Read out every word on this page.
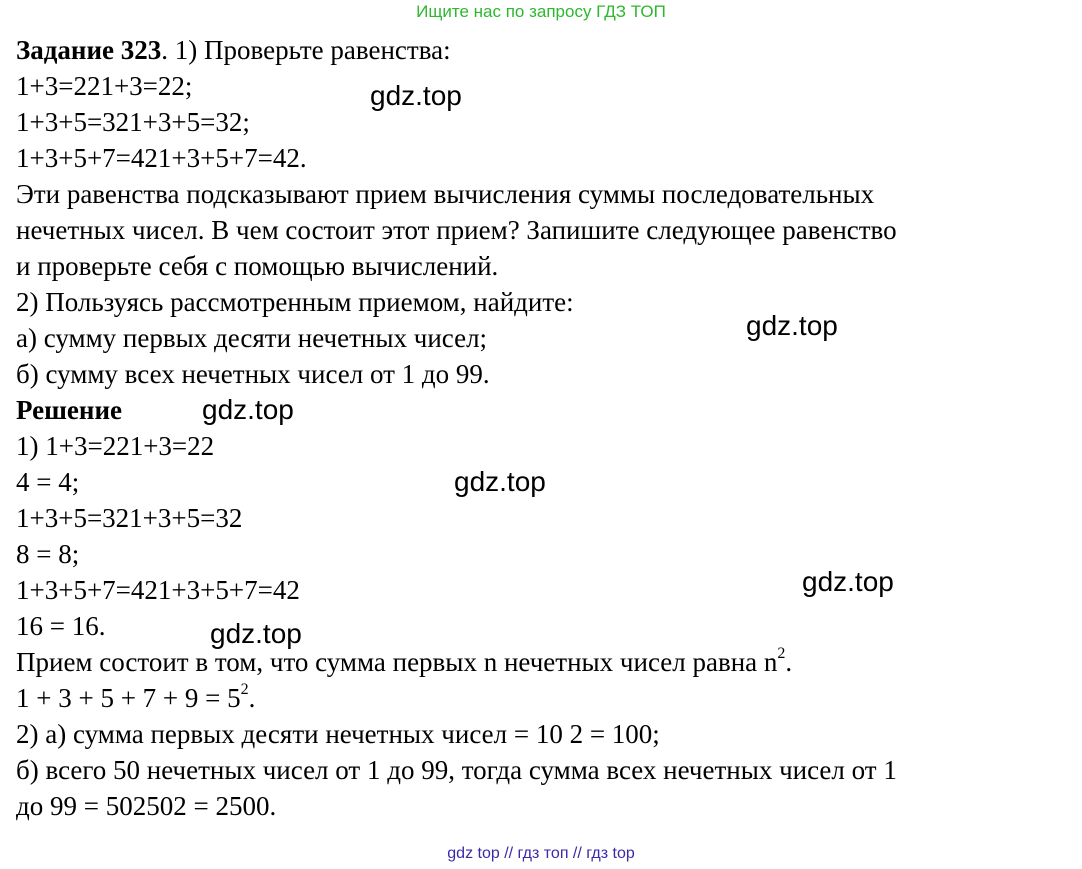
Ищите нас по запросу ГДЗ ТОП
Задание 323. 1) Проверьте равенства:
1+3=221+3=22;
1+3+5=321+3+5=32;
1+3+5+7=421+3+5+7=42.
Эти равенства подсказывают прием вычисления суммы последовательных
нечетных чисел. В чем состоит этот прием? Запишите следующее равенство
и проверьте себя с помощью вычислений.
2) Пользуясь рассмотренным приемом, найдите:
а) сумму первых десяти нечетных чисел;
б) сумму всех нечетных чисел от 1 до 99.
Решение
1) 1+3=221+3=22
4 = 4;
1+3+5=321+3+5=32
8 = 8;
1+3+5+7=421+3+5+7=42
16 = 16.
Прием состоит в том, что сумма первых n нечетных чисел равна $n^2$.
$1 + 3 + 5 + 7 + 9 = 5^2$.
2) а) сумма первых десяти нечетных чисел = 10 2 = 100;
б) всего 50 нечетных чисел от 1 до 99, тогда сумма всех нечетных чисел от 1
до 99 = 502502 = 2500.
gdz.top
gdz.top
gdz.top
gdz.top
gdz.top
gdz.top
gdz top // гдз топ // гдз top
